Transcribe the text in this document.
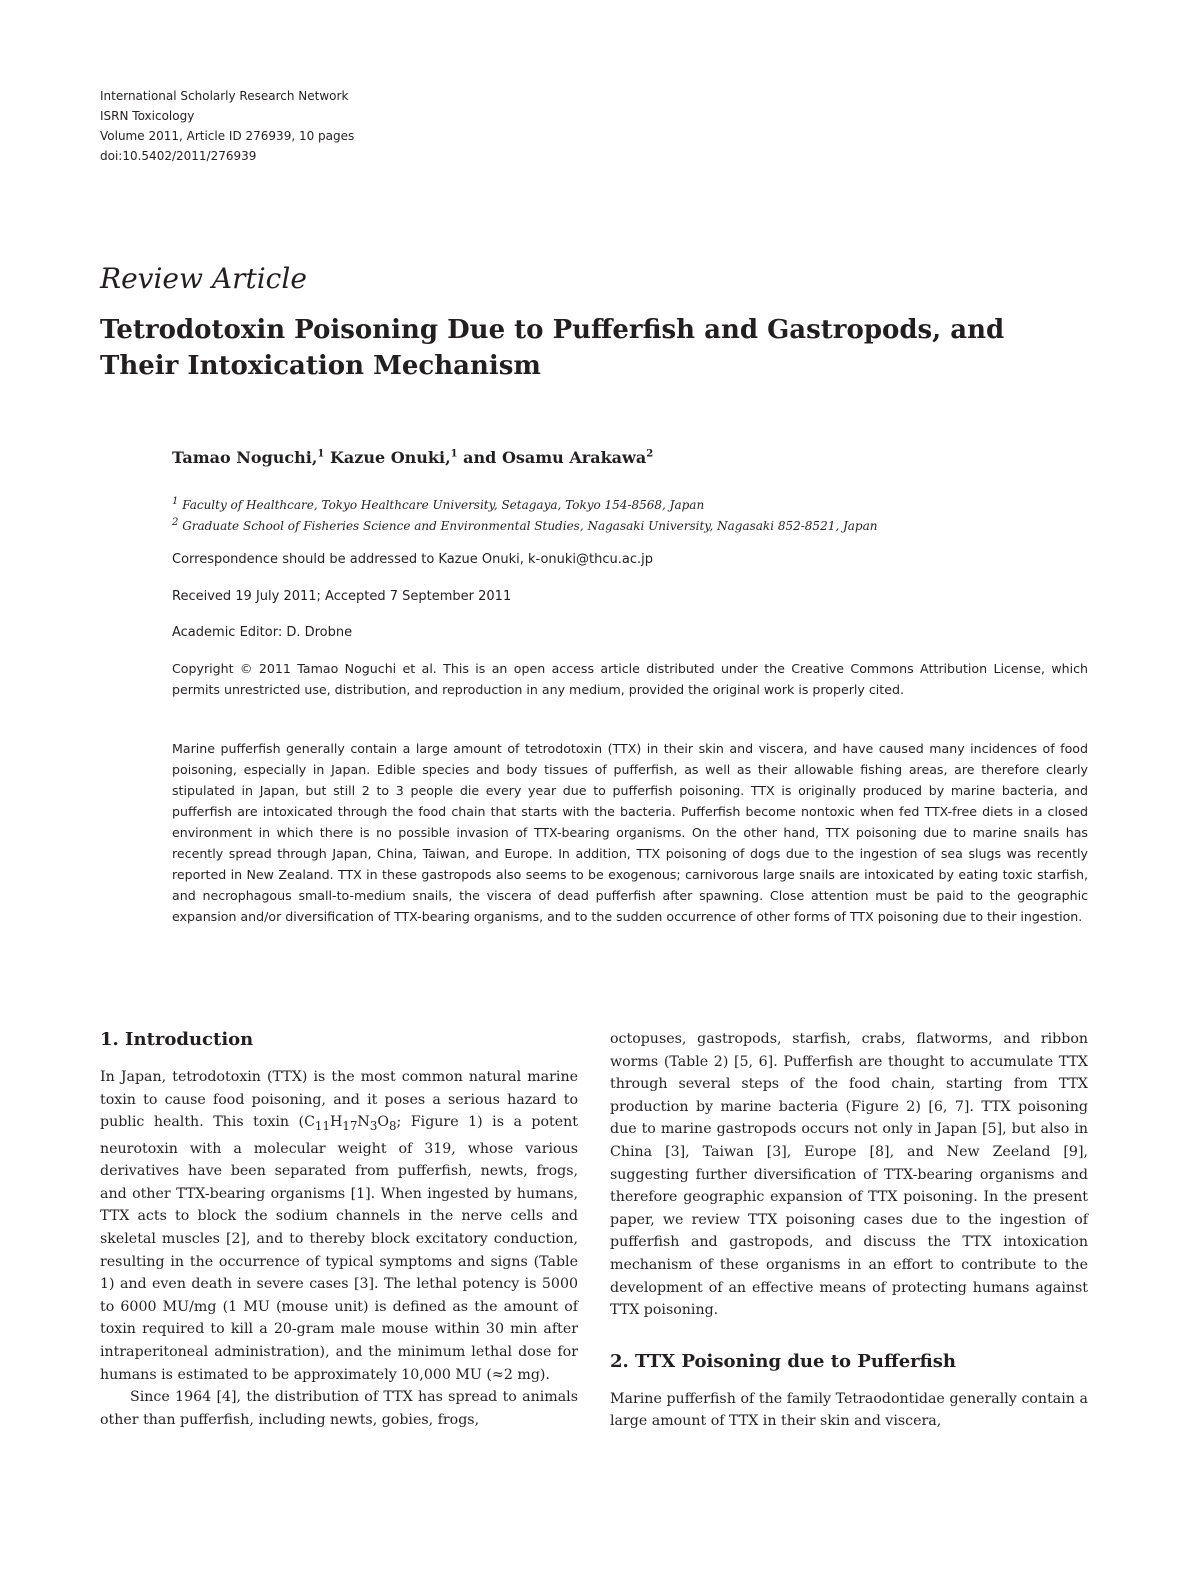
International Scholarly Research Network
ISRN Toxicology
Volume 2011, Article ID 276939, 10 pages
doi:10.5402/2011/276939
Review Article
Tetrodotoxin Poisoning Due to Pufferfish and Gastropods, and
Their Intoxication Mechanism
Tamao Noguchi,$^1$ Kazue Onuki,$^1$ and Osamu Arakawa$^2$
$^1$ Faculty of Healthcare, Tokyo Healthcare University, Setagaya, Tokyo 154-8568, Japan
$^2$ Graduate School of Fisheries Science and Environmental Studies, Nagasaki University, Nagasaki 852-8521, Japan
Correspondence should be addressed to Kazue Onuki, k-onuki@thcu.ac.jp
Received 19 July 2011; Accepted 7 September 2011
Academic Editor: D. Drobne
Copyright © 2011 Tamao Noguchi et al. This is an open access article distributed under the Creative Commons Attribution License, which permits unrestricted use, distribution, and reproduction in any medium, provided the original work is properly cited.
Marine pufferfish generally contain a large amount of tetrodotoxin (TTX) in their skin and viscera, and have caused many incidences of food poisoning, especially in Japan. Edible species and body tissues of pufferfish, as well as their allowable fishing areas, are therefore clearly stipulated in Japan, but still 2 to 3 people die every year due to pufferfish poisoning. TTX is originally produced by marine bacteria, and pufferfish are intoxicated through the food chain that starts with the bacteria. Pufferfish become nontoxic when fed TTX-free diets in a closed environment in which there is no possible invasion of TTX-bearing organisms. On the other hand, TTX poisoning due to marine snails has recently spread through Japan, China, Taiwan, and Europe. In addition, TTX poisoning of dogs due to the ingestion of sea slugs was recently reported in New Zealand. TTX in these gastropods also seems to be exogenous; carnivorous large snails are intoxicated by eating toxic starfish, and necrophagous small-to-medium snails, the viscera of dead pufferfish after spawning. Close attention must be paid to the geographic expansion and/or diversification of TTX-bearing organisms, and to the sudden occurrence of other forms of TTX poisoning due to their ingestion.
1. Introduction

In Japan, tetrodotoxin (TTX) is the most common natural marine toxin to cause food poisoning, and it poses a serious hazard to public health. This toxin ($C_{11}H_{17}N_3O_8$; Figure 1) is a potent neurotoxin with a molecular weight of 319, whose various derivatives have been separated from pufferfish, newts, frogs, and other TTX-bearing organisms [1]. When ingested by humans, TTX acts to block the sodium channels in the nerve cells and skeletal muscles [2], and to thereby block excitatory conduction, resulting in the occurrence of typical symptoms and signs (Table 1) and even death in severe cases [3]. The lethal potency is 5000 to 6000 MU/mg (1 MU (mouse unit) is defined as the amount of toxin required to kill a 20-gram male mouse within 30 min after intraperitoneal administration), and the minimum lethal dose for humans is estimated to be approximately 10,000 MU (≈2 mg).

Since 1964 [4], the distribution of TTX has spread to animals other than pufferfish, including newts, gobies, frogs,

octopuses, gastropods, starfish, crabs, flatworms, and ribbon worms (Table 2) [5, 6]. Pufferfish are thought to accumulate TTX through several steps of the food chain, starting from TTX production by marine bacteria (Figure 2) [6, 7]. TTX poisoning due to marine gastropods occurs not only in Japan [5], but also in China [3], Taiwan [3], Europe [8], and New Zeeland [9], suggesting further diversification of TTX-bearing organisms and therefore geographic expansion of TTX poisoning. In the present paper, we review TTX poisoning cases due to the ingestion of pufferfish and gastropods, and discuss the TTX intoxication mechanism of these organisms in an effort to contribute to the development of an effective means of protecting humans against TTX poisoning.

2. TTX Poisoning due to Pufferfish

Marine pufferfish of the family Tetraodontidae generally contain a large amount of TTX in their skin and viscera,
